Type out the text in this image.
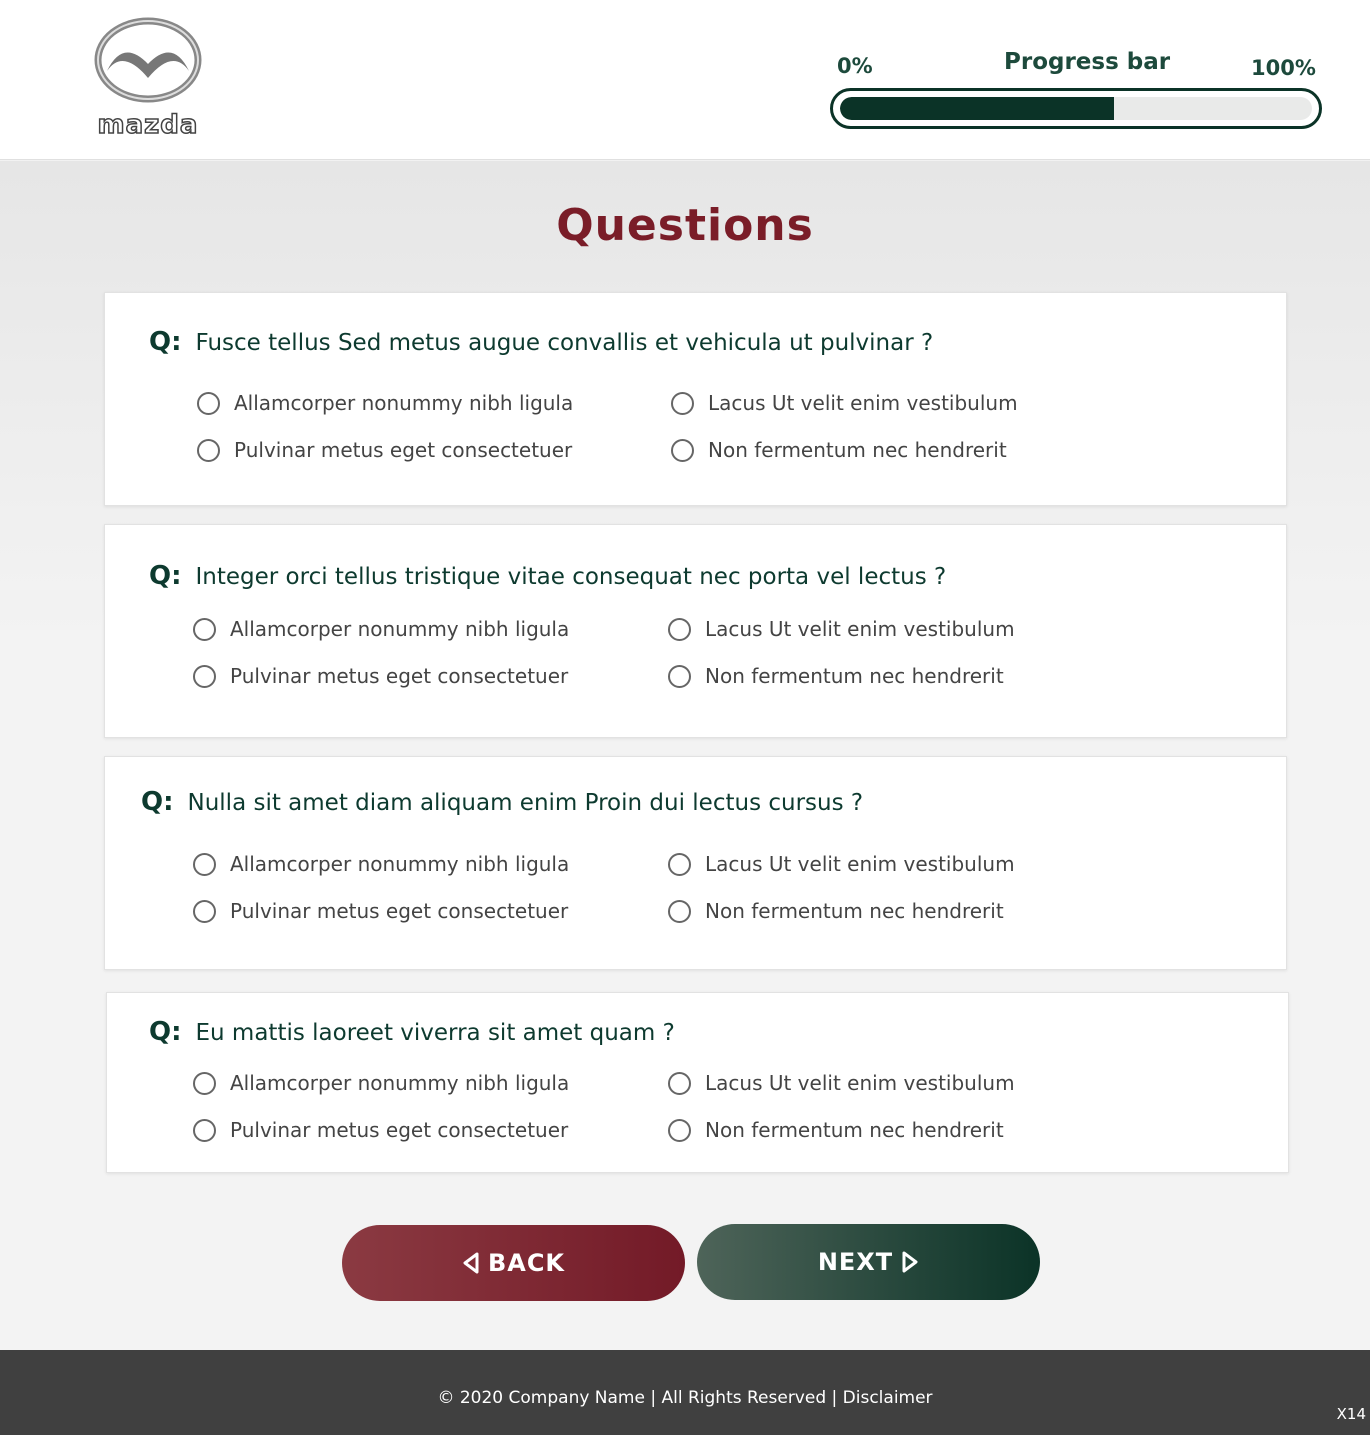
mazda
0%	Progress bar	100%
Questions
Q: Fusce tellus Sed metus augue convallis et vehicula ut pulvinar ?
Allamcorper nonummy nibh ligula	Lacus Ut velit enim vestibulum
Pulvinar metus eget consectetuer	Non fermentum nec hendrerit
Q: Integer orci tellus tristique vitae consequat nec porta vel lectus ?
Allamcorper nonummy nibh ligula	Lacus Ut velit enim vestibulum
Pulvinar metus eget consectetuer	Non fermentum nec hendrerit
Q: Nulla sit amet diam aliquam enim Proin dui lectus cursus ?
Allamcorper nonummy nibh ligula	Lacus Ut velit enim vestibulum
Pulvinar metus eget consectetuer	Non fermentum nec hendrerit
Q: Eu mattis laoreet viverra sit amet quam ?
Allamcorper nonummy nibh ligula	Lacus Ut velit enim vestibulum
Pulvinar metus eget consectetuer	Non fermentum nec hendrerit
BACK	NEXT
© 2020 Company Name | All Rights Reserved | Disclaimer
X14
